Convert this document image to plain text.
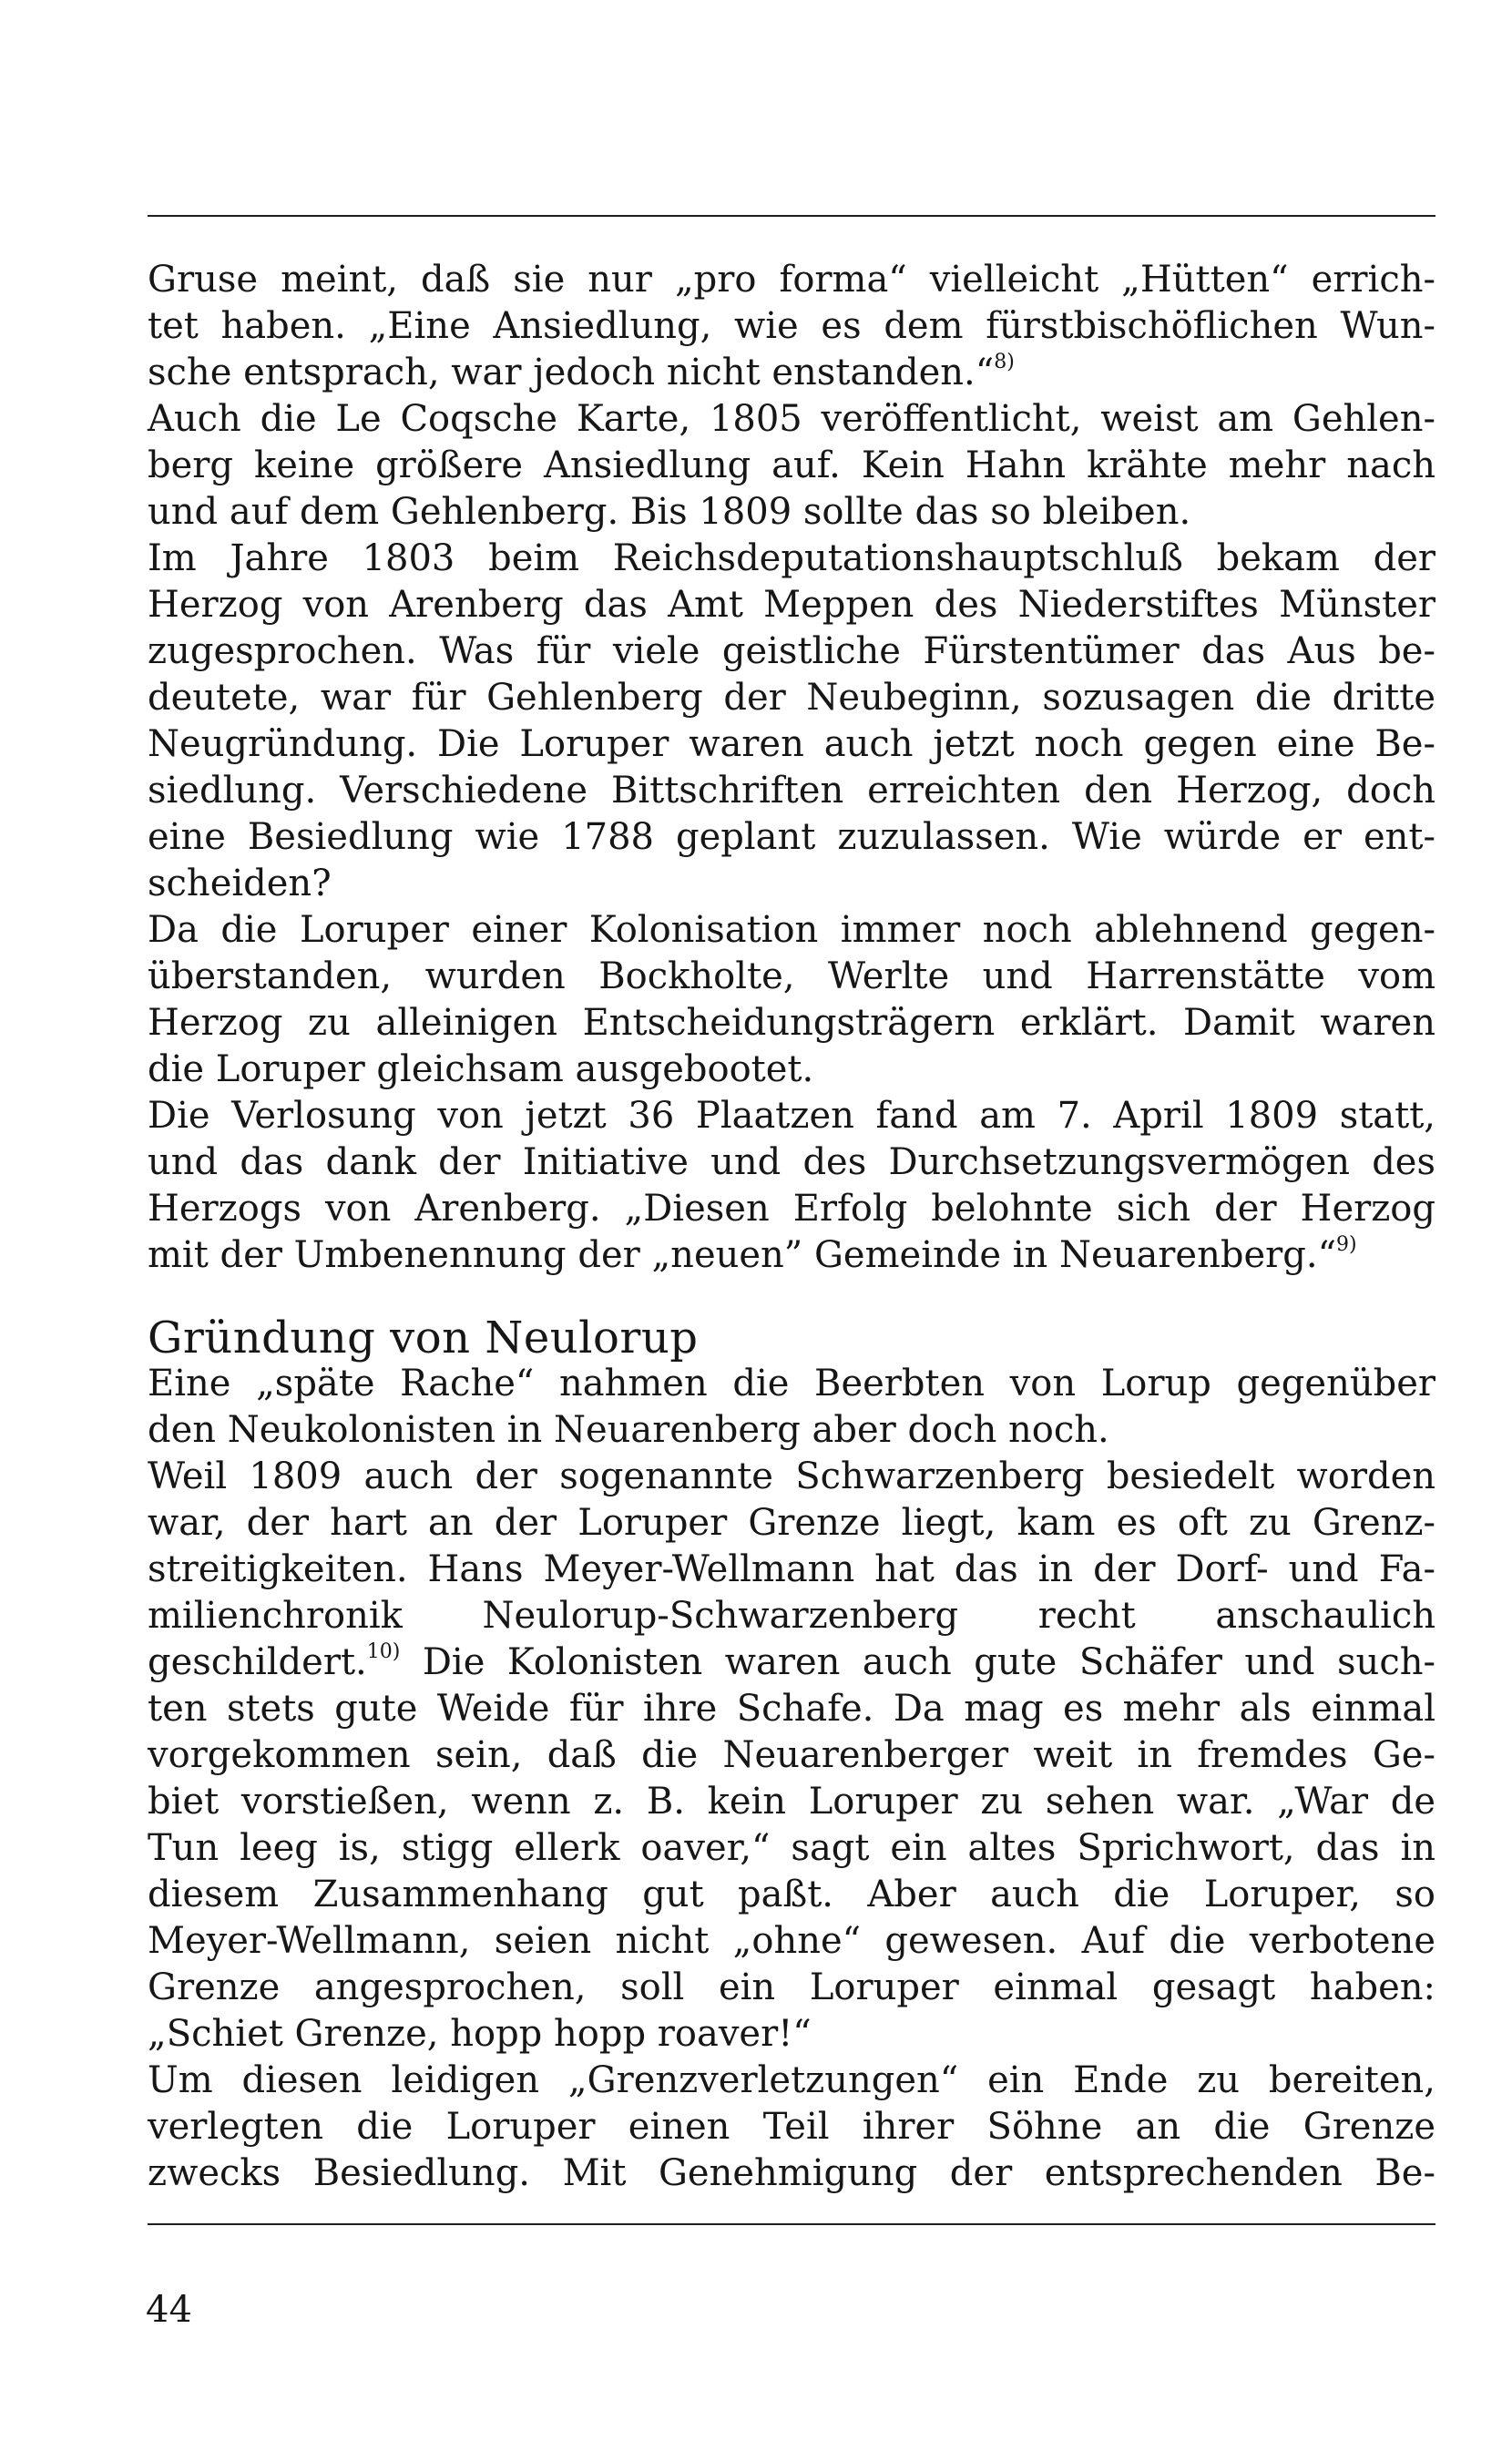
Gruse meint, daß sie nur „pro forma“ vielleicht „Hütten“ errich-
tet haben. „Eine Ansiedlung, wie es dem fürstbischöflichen Wun-
sche entsprach, war jedoch nicht enstanden.“$^{8)}$
Auch die Le Coqsche Karte, 1805 veröffentlicht, weist am Gehlen-
berg keine größere Ansiedlung auf. Kein Hahn krähte mehr nach
und auf dem Gehlenberg. Bis 1809 sollte das so bleiben.
Im Jahre 1803 beim Reichsdeputationshauptschluß bekam der
Herzog von Arenberg das Amt Meppen des Niederstiftes Münster
zugesprochen. Was für viele geistliche Fürstentümer das Aus be-
deutete, war für Gehlenberg der Neubeginn, sozusagen die dritte
Neugründung. Die Loruper waren auch jetzt noch gegen eine Be-
siedlung. Verschiedene Bittschriften erreichten den Herzog, doch
eine Besiedlung wie 1788 geplant zuzulassen. Wie würde er ent-
scheiden?
Da die Loruper einer Kolonisation immer noch ablehnend gegen-
überstanden, wurden Bockholte, Werlte und Harrenstätte vom
Herzog zu alleinigen Entscheidungsträgern erklärt. Damit waren
die Loruper gleichsam ausgebootet.
Die Verlosung von jetzt 36 Plaatzen fand am 7. April 1809 statt,
und das dank der Initiative und des Durchsetzungsvermögen des
Herzogs von Arenberg. „Diesen Erfolg belohnte sich der Herzog
mit der Umbenennung der „neuen” Gemeinde in Neuarenberg.“$^{9)}$
Gründung von Neulorup
Eine „späte Rache“ nahmen die Beerbten von Lorup gegenüber
den Neukolonisten in Neuarenberg aber doch noch.
Weil 1809 auch der sogenannte Schwarzenberg besiedelt worden
war, der hart an der Loruper Grenze liegt, kam es oft zu Grenz-
streitigkeiten. Hans Meyer-Wellmann hat das in der Dorf- und Fa-
milienchronik Neulorup-Schwarzenberg recht anschaulich
geschildert.$^{10)}$ Die Kolonisten waren auch gute Schäfer und such-
ten stets gute Weide für ihre Schafe. Da mag es mehr als einmal
vorgekommen sein, daß die Neuarenberger weit in fremdes Ge-
biet vorstießen, wenn z. B. kein Loruper zu sehen war. „War de
Tun leeg is, stigg ellerk oaver,“ sagt ein altes Sprichwort, das in
diesem Zusammenhang gut paßt. Aber auch die Loruper, so
Meyer-Wellmann, seien nicht „ohne“ gewesen. Auf die verbotene
Grenze angesprochen, soll ein Loruper einmal gesagt haben:
„Schiet Grenze, hopp hopp roaver!“
Um diesen leidigen „Grenzverletzungen“ ein Ende zu bereiten,
verlegten die Loruper einen Teil ihrer Söhne an die Grenze
zwecks Besiedlung. Mit Genehmigung der entsprechenden Be-
44
